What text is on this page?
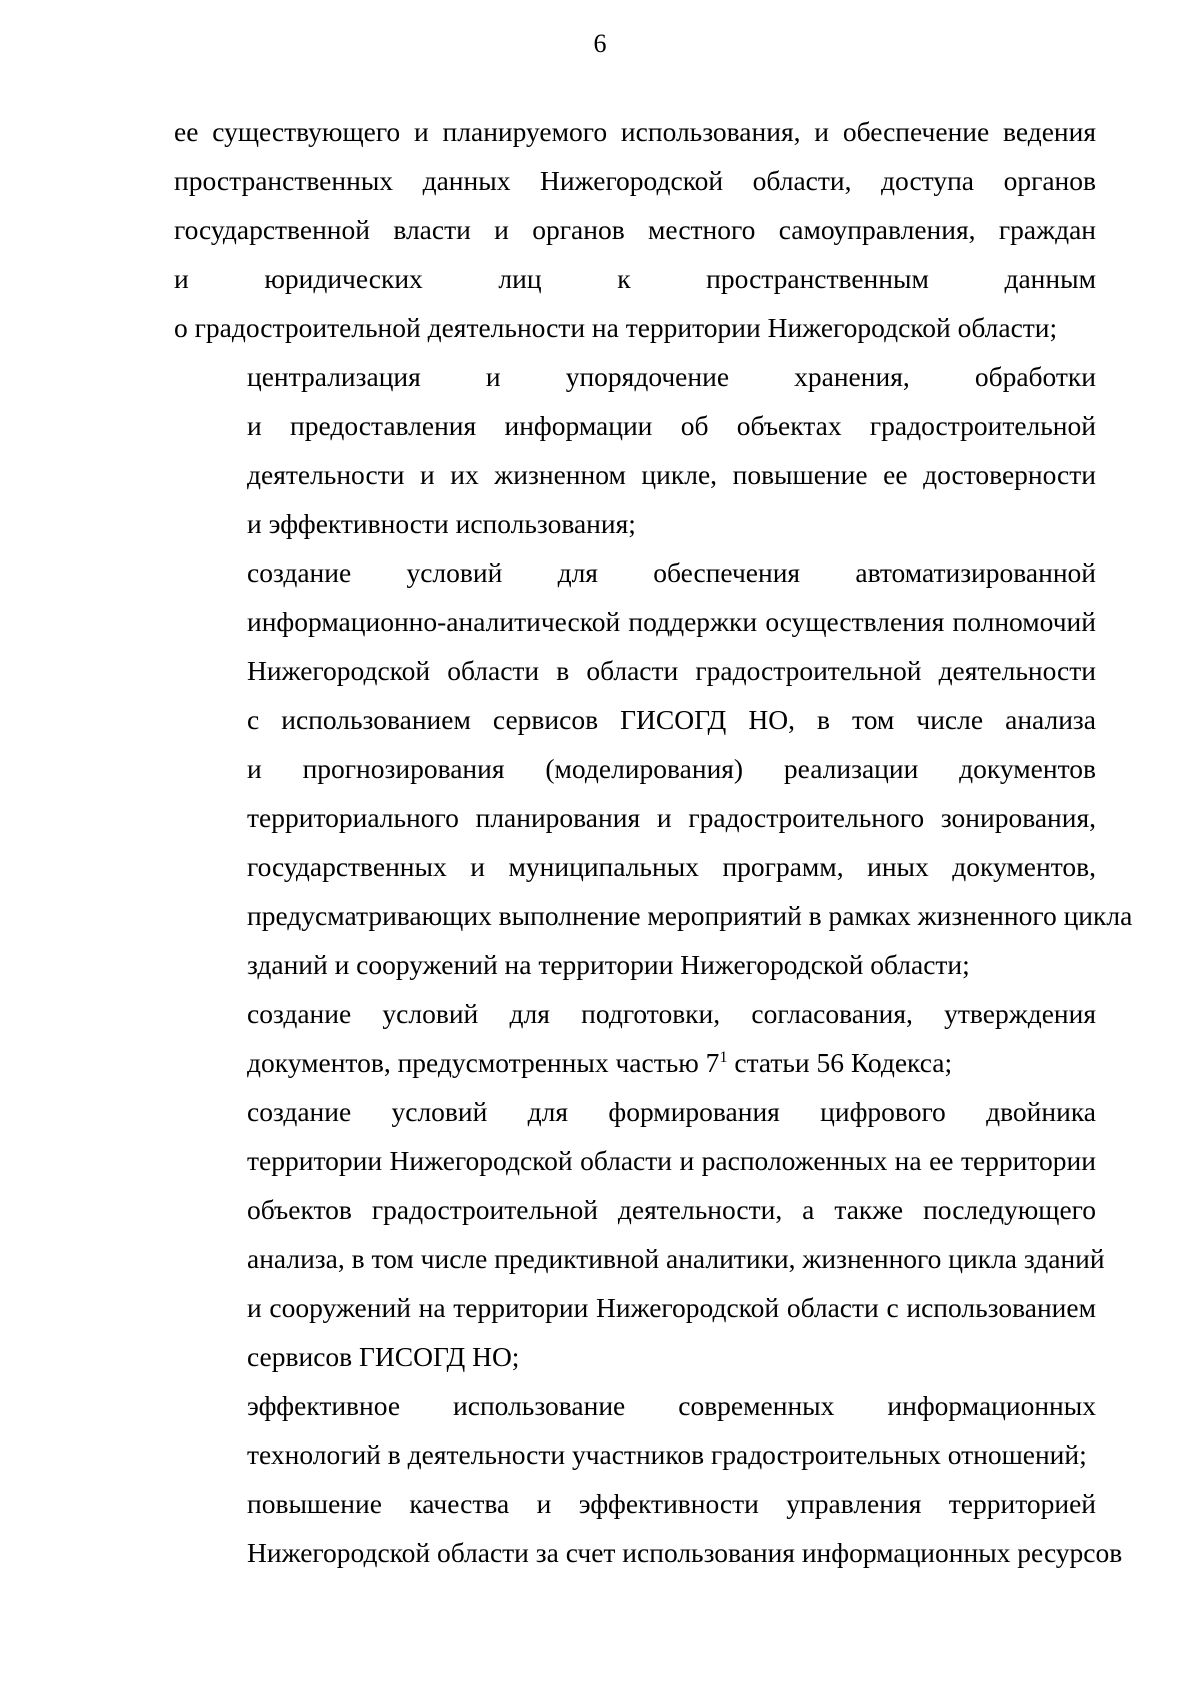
6

ее существующего и планируемого использования, и обеспечение ведения
пространственных данных Нижегородской области, доступа органов
государственной власти и органов местного самоуправления, граждан
и юридических лиц к пространственным данным
о градостроительной деятельности на территории Нижегородской области;

централизация и упорядочение хранения, обработки
и предоставления информации об объектах градостроительной
деятельности и их жизненном цикле, повышение ее достоверности
и эффективности использования;

создание условий для обеспечения автоматизированной
информационно-аналитической поддержки осуществления полномочий
Нижегородской области в области градостроительной деятельности
с использованием сервисов ГИСОГД НО, в том числе анализа
и прогнозирования (моделирования) реализации документов
территориального планирования и градостроительного зонирования,
государственных и муниципальных программ, иных документов,
предусматривающих выполнение мероприятий в рамках жизненного цикла
зданий и сооружений на территории Нижегородской области;

создание условий для подготовки, согласования, утверждения
документов, предусмотренных частью $7^1$ статьи 56 Кодекса;

создание условий для формирования цифрового двойника
территории Нижегородской области и расположенных на ее территории
объектов градостроительной деятельности, а также последующего
анализа, в том числе предиктивной аналитики, жизненного цикла зданий
и сооружений на территории Нижегородской области с использованием
сервисов ГИСОГД НО;

эффективное использование современных информационных
технологий в деятельности участников градостроительных отношений;

повышение качества и эффективности управления территорией
Нижегородской области за счет использования информационных ресурсов
